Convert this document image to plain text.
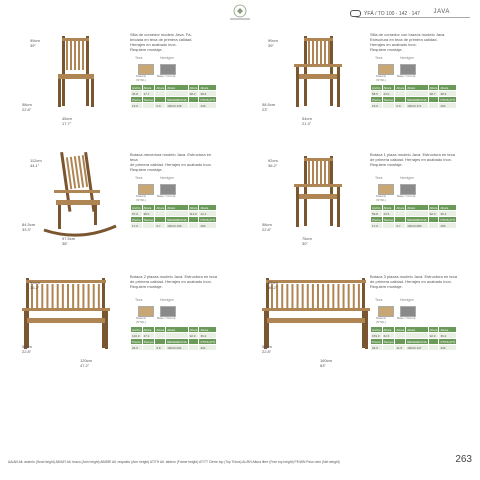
ÝFÁ / TO 100 · 142 · 147 JAVA
99cm
39"
58cm
22.8"
45cm
17.7"
Silla de comedor modelo Java. Fa-
bricada en teca de primera calidad.
Herrajes en acabado inox.
Requiere montaje.
Teca	Hemigen
Natural
(NTRL)
Base / Crema
Ancho	Altura	Altura	Altura	Altura	Altura
45.8	17.7			98.2	38.6
Precio	Tiempo		REFERENCIA		PTOS (PT)
13.0		5.0	10010 128		240
99cm
39"
58.5cm
23"
54cm
21.3"
Silla de comedor con brazos modelo Java.
Estructura en teca de primera calidad.
Herrajes en acabado inox.
Requiere montaje.
Teca	Hemigen
Natural
(NTRL)
Base / Crema
Ancho	Altura	Altura	Altura	Altura	Altura
58.5	23.0			98.7	38.9
Precio	Tiempo		REFERENCIA		PTOS (PT)
15.0		6.0	10010 171		262
112cm
44.1"
84.5cm
33.3"
97.5cm
38"
Butaca mecedora modelo Java. Estructura en teca
de primera calidad. Herrajes en acabado inox.
Requiere montaje.
Teca	Hemigen
Natural
(NTRL)
Base / Crema
Ancho	Altura	Altura	Altura	Altura	Altura
97.0	38.0			112.0	44.1
Precio	Tiempo		REFERENCIA		PTOS (PT)
17.0		6.7	10010 130		290
92cm
36.2"
58cm
22.8"
76cm
30"
Butaca 1 plaza modelo Java. Estructura en teca
de primera calidad. Herrajes en acabado inox.
Requiere montaje.
Teca	Hemigen
Natural
(NTRL)
Base / Crema
Ancho	Altura	Altura	Altura	Altura	Altura
59.8	23.5			92.0	36.2
Precio	Tiempo		REFERENCIA		PTOS (PT)
17.0		6.7	10010 083		256
92cm
36.2"
58cm
22.8"
120cm
47.2"
Butaca 2 plazas modelo Java. Estructura en teca
de primera calidad. Herrajes en acabado inox.
Requiere montaje.
Teca	Hemigen
Natural
(NTRL)
Base / Crema
Ancho	Altura	Altura	Altura	Altura	Altura
120.0	47.2			92.0	36.2
Precio	Tiempo		REFERENCIA		PTOS (PT)
25.0		9.8	10010 094		324
92cm
36.2"
58cm
22.8"
160cm
63"
Butaca 3 plazas modelo Java. Estructura en teca
de primera calidad. Herrajes en acabado inox.
Requiere montaje.
Teca	Hemigen
Natural
(NTRL)
Base / Crema
Ancho	Altura	Altura	Altura	Altura	Altura
159.0	62.6			92.0	36.2
Precio	Tiempo		REFERENCIA		PTOS (PT)
29.0		11.5	10010 127		346
AA/AN Alt. asiento (Seat height) AB/AFI Alt. brazo (Arm height) AB/BRI Alt. respaldo (Arm height) AT/TH Alt. tablero (Frame height) AT/TT Cierre top (Top Thkns) AL/BH Altura libre (Free top height) PE/WN Peso neto (Net weight)	263
